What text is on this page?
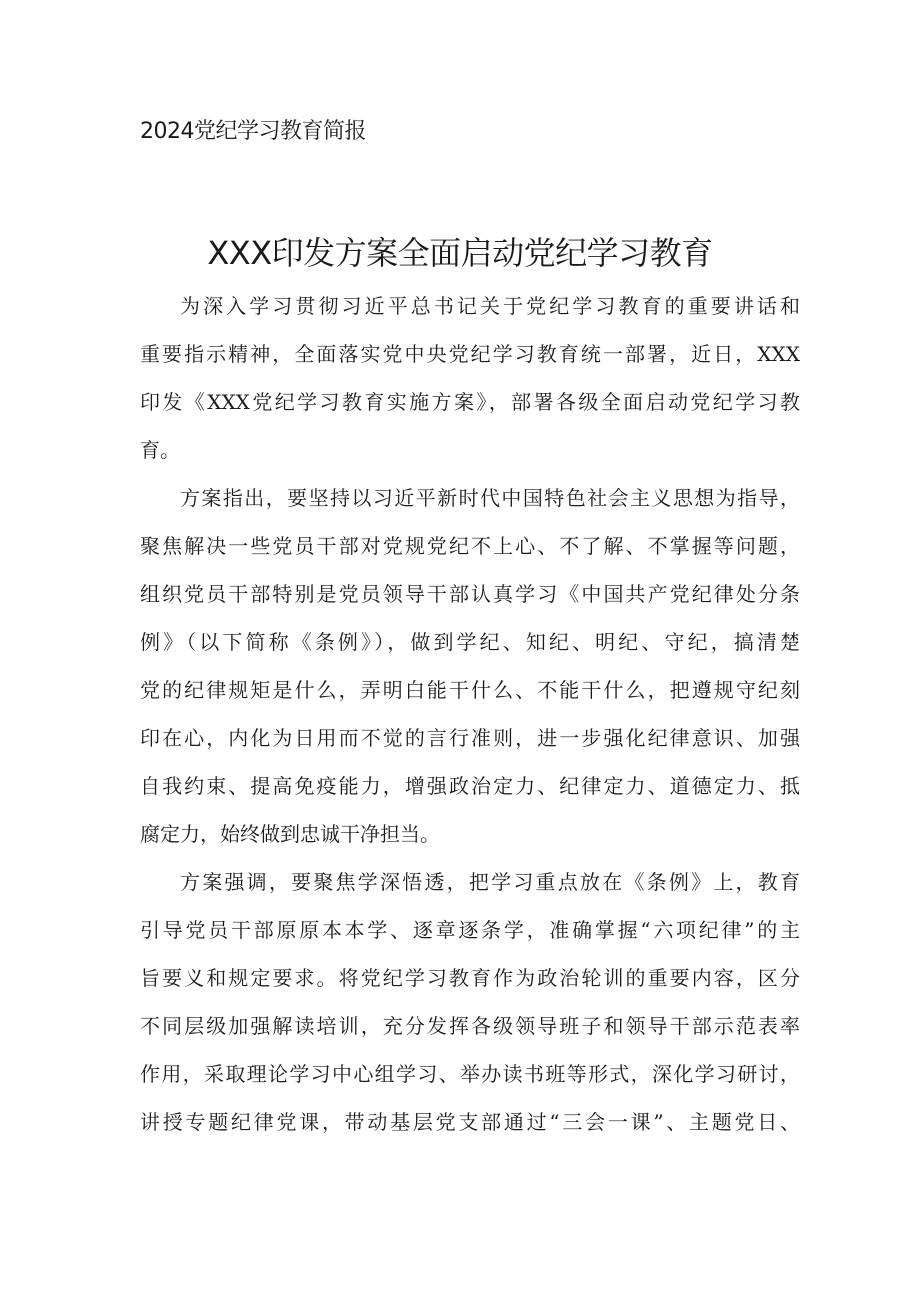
2024党纪学习教育简报
XXX印发方案全面启动党纪学习教育
为深入学习贯彻习近平总书记关于党纪学习教育的重要讲话和
重要指示精神，全面落实党中央党纪学习教育统一部署，近日，XXX
印发《XXX党纪学习教育实施方案》，部署各级全面启动党纪学习教
育。
方案指出，要坚持以习近平新时代中国特色社会主义思想为指导，
聚焦解决一些党员干部对党规党纪不上心、不了解、不掌握等问题，
组织党员干部特别是党员领导干部认真学习《中国共产党纪律处分条
例》（以下简称《条例》），做到学纪、知纪、明纪、守纪，搞清楚
党的纪律规矩是什么，弄明白能干什么、不能干什么，把遵规守纪刻
印在心，内化为日用而不觉的言行准则，进一步强化纪律意识、加强
自我约束、提高免疫能力，增强政治定力、纪律定力、道德定力、抵
腐定力，始终做到忠诚干净担当。
方案强调，要聚焦学深悟透，把学习重点放在《条例》上，教育
引导党员干部原原本本学、逐章逐条学，准确掌握“六项纪律”的主
旨要义和规定要求。将党纪学习教育作为政治轮训的重要内容，区分
不同层级加强解读培训，充分发挥各级领导班子和领导干部示范表率
作用，采取理论学习中心组学习、举办读书班等形式，深化学习研讨，
讲授专题纪律党课，带动基层党支部通过“三会一课”、主题党日、
